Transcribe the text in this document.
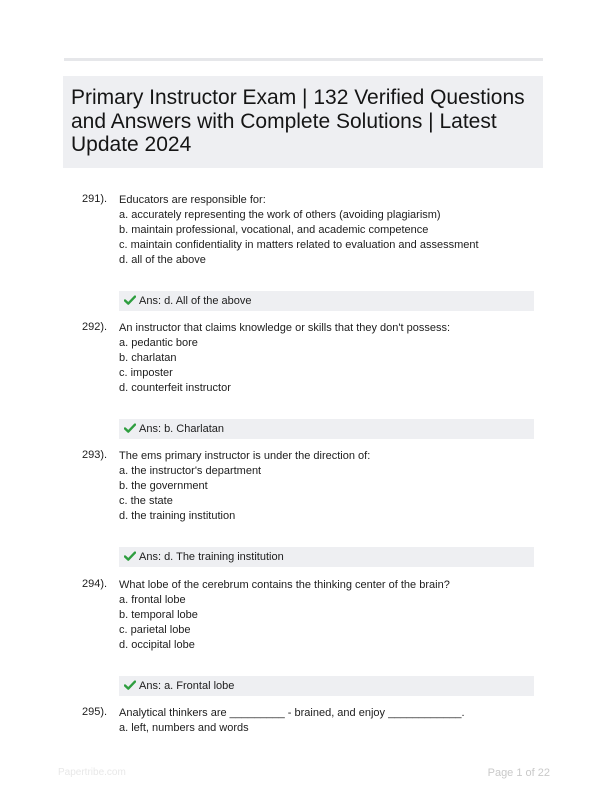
Primary Instructor Exam | 132 Verified Questions and Answers with Complete Solutions | Latest Update 2024
291). Educators are responsible for:
a. accurately representing the work of others (avoiding plagiarism)
b. maintain professional, vocational, and academic competence
c. maintain confidentiality in matters related to evaluation and assessment
d. all of the above
Ans: d. All of the above
292). An instructor that claims knowledge or skills that they don't possess:
a. pedantic bore
b. charlatan
c. imposter
d. counterfeit instructor
Ans: b. Charlatan
293). The ems primary instructor is under the direction of:
a. the instructor's department
b. the government
c. the state
d. the training institution
Ans: d. The training institution
294). What lobe of the cerebrum contains the thinking center of the brain?
a. frontal lobe
b. temporal lobe
c. parietal lobe
d. occipital lobe
Ans: a. Frontal lobe
295). Analytical thinkers are _________ - brained, and enjoy ____________.
a. left, numbers and words
Papertribe.com	Page 1 of 22
